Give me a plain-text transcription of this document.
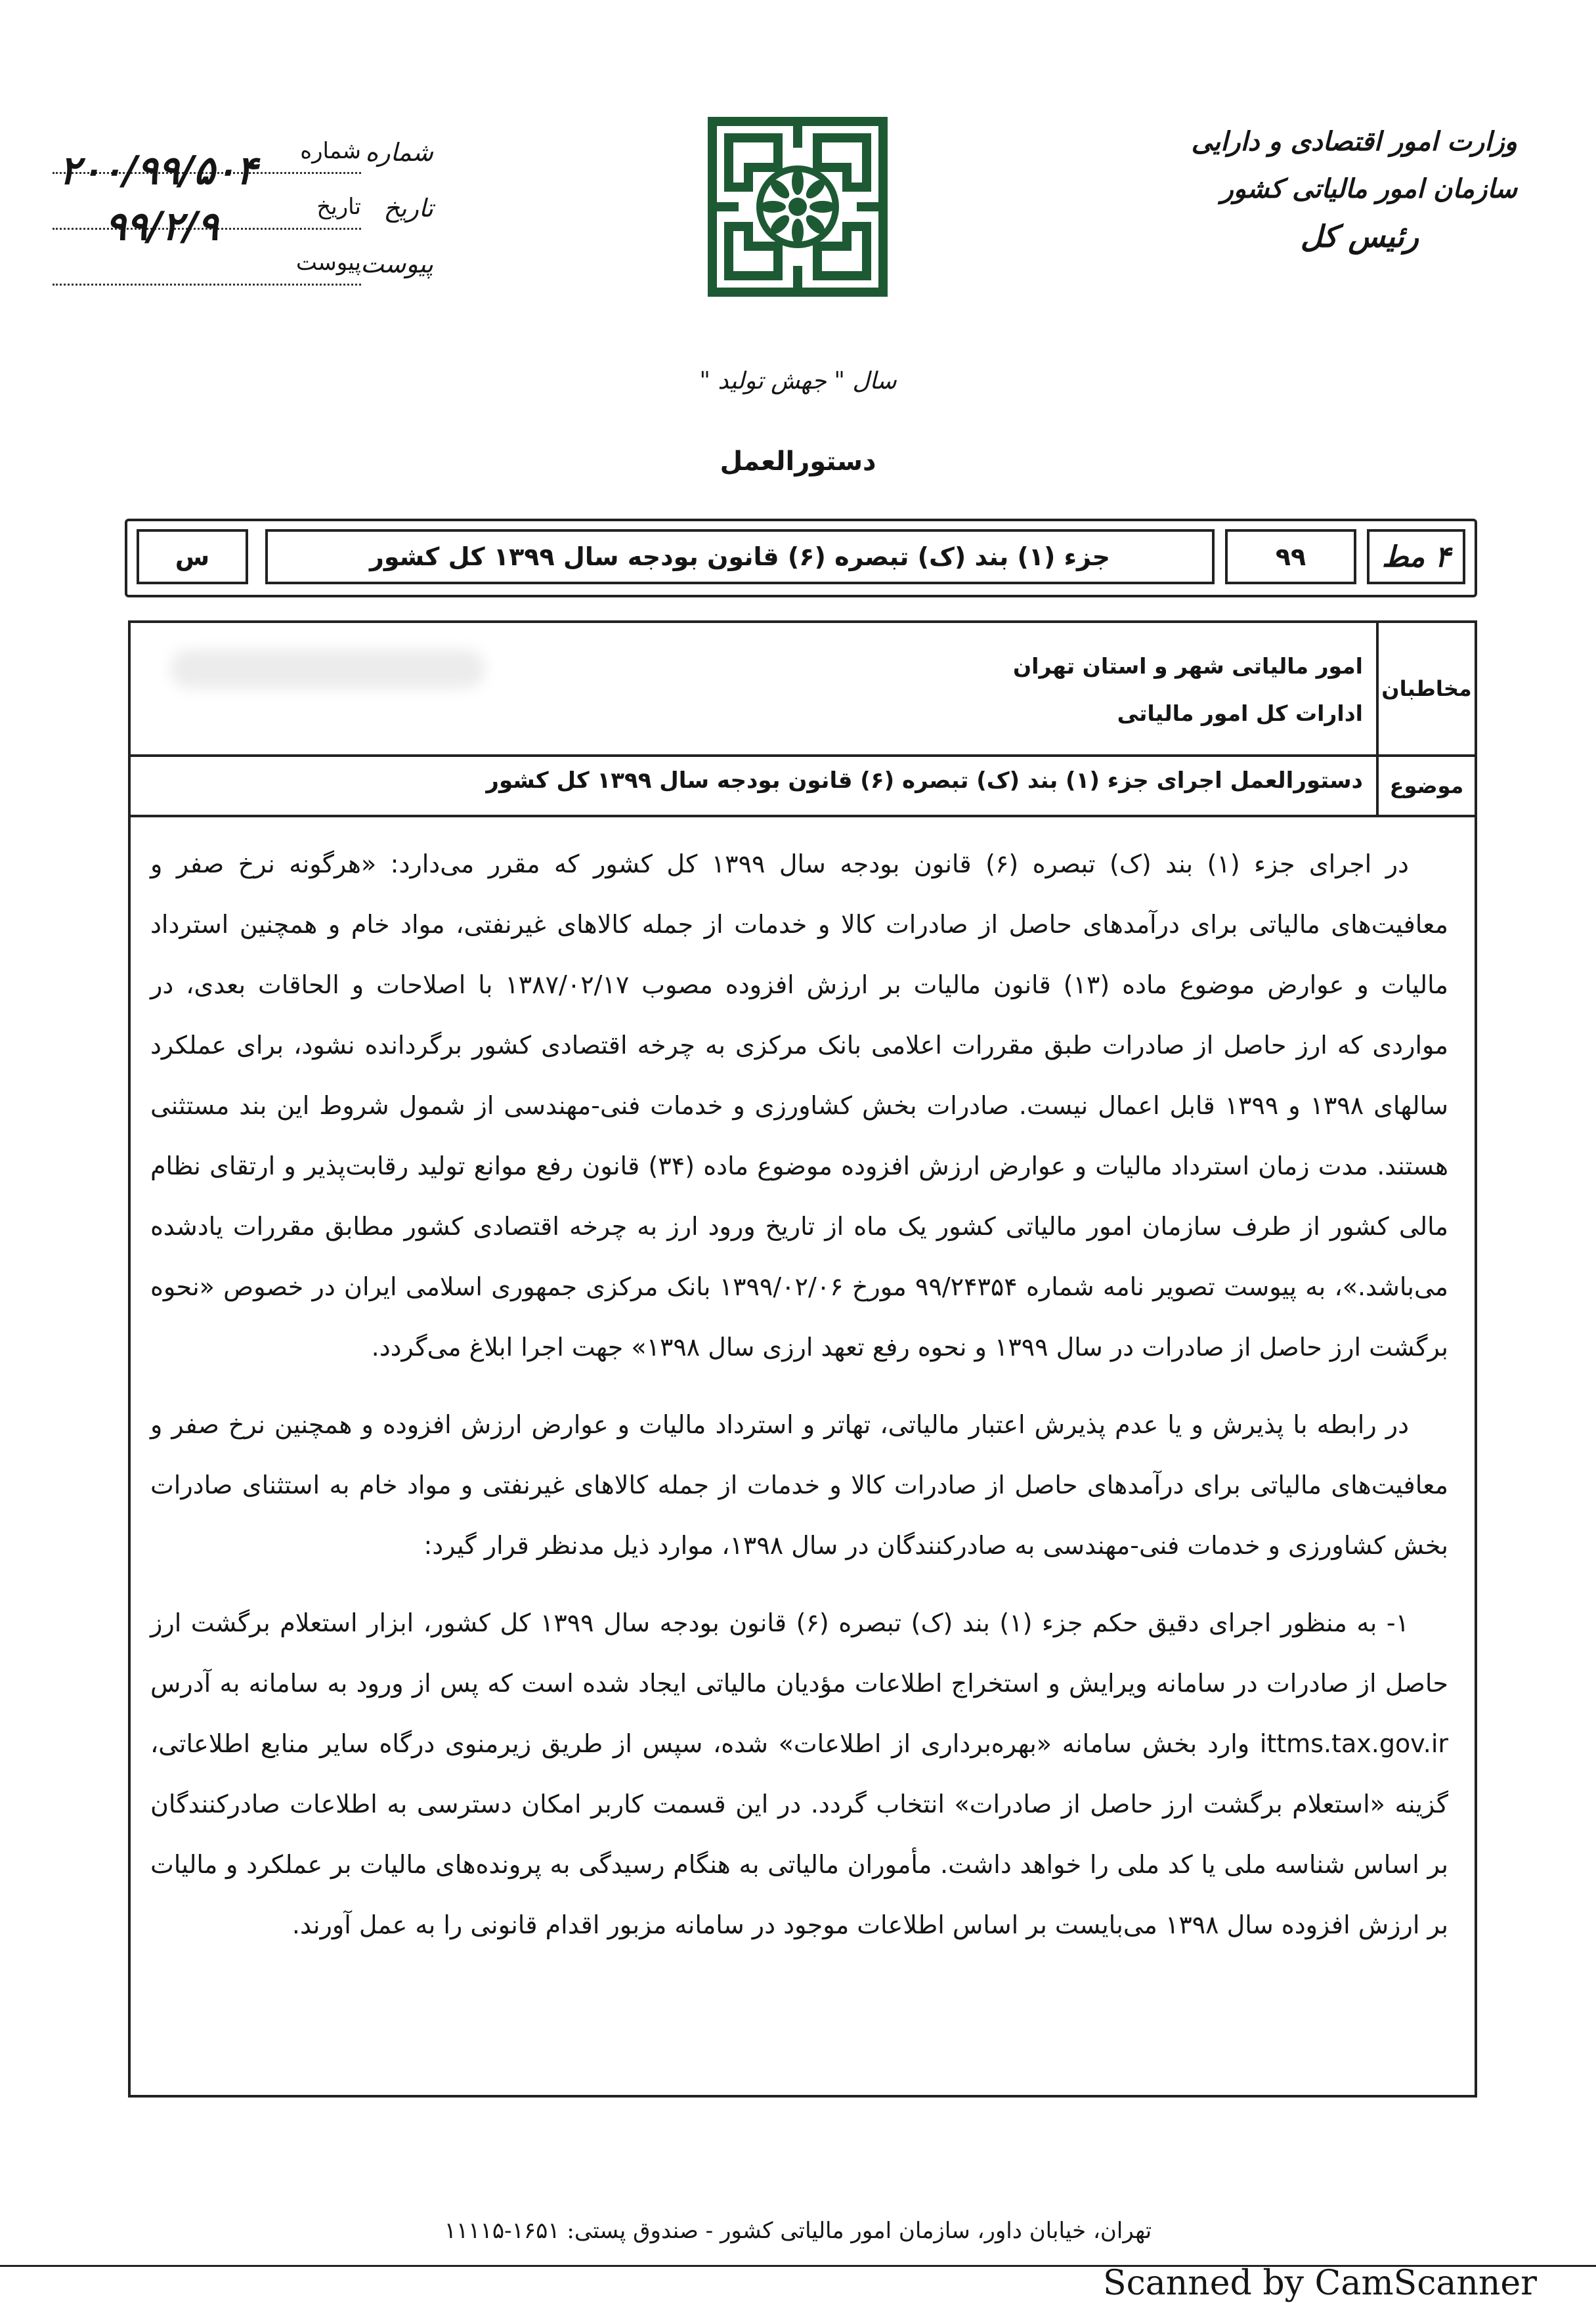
وزارت امور اقتصادی و دارایی
سازمان امور مالیاتی کشور
رئیس کل
شماره
شماره
۲۰۰/۹۹/۵۰۴
تاریخ
تاریخ
۹۹/۲/۹
پیوست
پیوست
سال " جهش تولید "
دستورالعمل
۴ مط
۹۹
جزء (۱) بند (ک) تبصره (۶) قانون بودجه سال ۱۳۹۹ کل کشور
س
مخاطبان
امور مالیاتی شهر و استان تهران
ادارات کل امور مالیاتی
موضوع
دستورالعمل اجرای جزء (۱) بند (ک) تبصره (۶) قانون بودجه سال ۱۳۹۹ کل کشور

در اجرای جزء (۱) بند (ک) تبصره (۶) قانون بودجه سال ۱۳۹۹ کل کشور که مقرر می‌دارد: «هرگونه نرخ صفر و معافیت‌های مالیاتی برای درآمدهای حاصل از صادرات کالا و خدمات از جمله کالاهای غیرنفتی، مواد خام و همچنین استرداد مالیات و عوارض موضوع ماده (۱۳) قانون مالیات بر ارزش افزوده مصوب ۱۳۸۷/۰۲/۱۷ با اصلاحات و الحاقات بعدی، در مواردی که ارز حاصل از صادرات طبق مقررات اعلامی بانک مرکزی به چرخه اقتصادی کشور برگردانده نشود، برای عملکرد سالهای ۱۳۹۸ و ۱۳۹۹ قابل اعمال نیست. صادرات بخش کشاورزی و خدمات فنی-مهندسی از شمول شروط این بند مستثنی هستند. مدت زمان استرداد مالیات و عوارض ارزش افزوده موضوع ماده (۳۴) قانون رفع موانع تولید رقابت‌پذیر و ارتقای نظام مالی کشور از طرف سازمان امور مالیاتی کشور یک ماه از تاریخ ورود ارز به چرخه اقتصادی کشور مطابق مقررات یادشده می‌باشد.»، به پیوست تصویر نامه شماره ۹۹/۲۴۳۵۴ مورخ ۱۳۹۹/۰۲/۰۶ بانک مرکزی جمهوری اسلامی ایران در خصوص «نحوه برگشت ارز حاصل از صادرات در سال ۱۳۹۹ و نحوه رفع تعهد ارزی سال ۱۳۹۸» جهت اجرا ابلاغ می‌گردد.

در رابطه با پذیرش و یا عدم پذیرش اعتبار مالیاتی، تهاتر و استرداد مالیات و عوارض ارزش افزوده و همچنین نرخ صفر و معافیت‌های مالیاتی برای درآمدهای حاصل از صادرات کالا و خدمات از جمله کالاهای غیرنفتی و مواد خام به استثنای صادرات بخش کشاورزی و خدمات فنی-مهندسی به صادرکنندگان در سال ۱۳۹۸، موارد ذیل مدنظر قرار گیرد:

۱- به منظور اجرای دقیق حکم جزء (۱) بند (ک) تبصره (۶) قانون بودجه سال ۱۳۹۹ کل کشور، ابزار استعلام برگشت ارز حاصل از صادرات در سامانه ویرایش و استخراج اطلاعات مؤدیان مالیاتی ایجاد شده است که پس از ورود به سامانه به آدرس ittms.tax.gov.ir وارد بخش سامانه «بهره‌برداری از اطلاعات» شده، سپس از طریق زیرمنوی درگاه سایر منابع اطلاعاتی، گزینه «استعلام برگشت ارز حاصل از صادرات» انتخاب گردد. در این قسمت کاربر امکان دسترسی به اطلاعات صادرکنندگان بر اساس شناسه ملی یا کد ملی را خواهد داشت. مأموران مالیاتی به هنگام رسیدگی به پرونده‌های مالیات بر عملکرد و مالیات بر ارزش افزوده سال ۱۳۹۸ می‌بایست بر اساس اطلاعات موجود در سامانه مزبور اقدام قانونی را به عمل آورند.

تهران، خیابان داور، سازمان امور مالیاتی کشور - صندوق پستی: ۱۶۵۱-۱۱۱۱۵
Scanned by CamScanner
